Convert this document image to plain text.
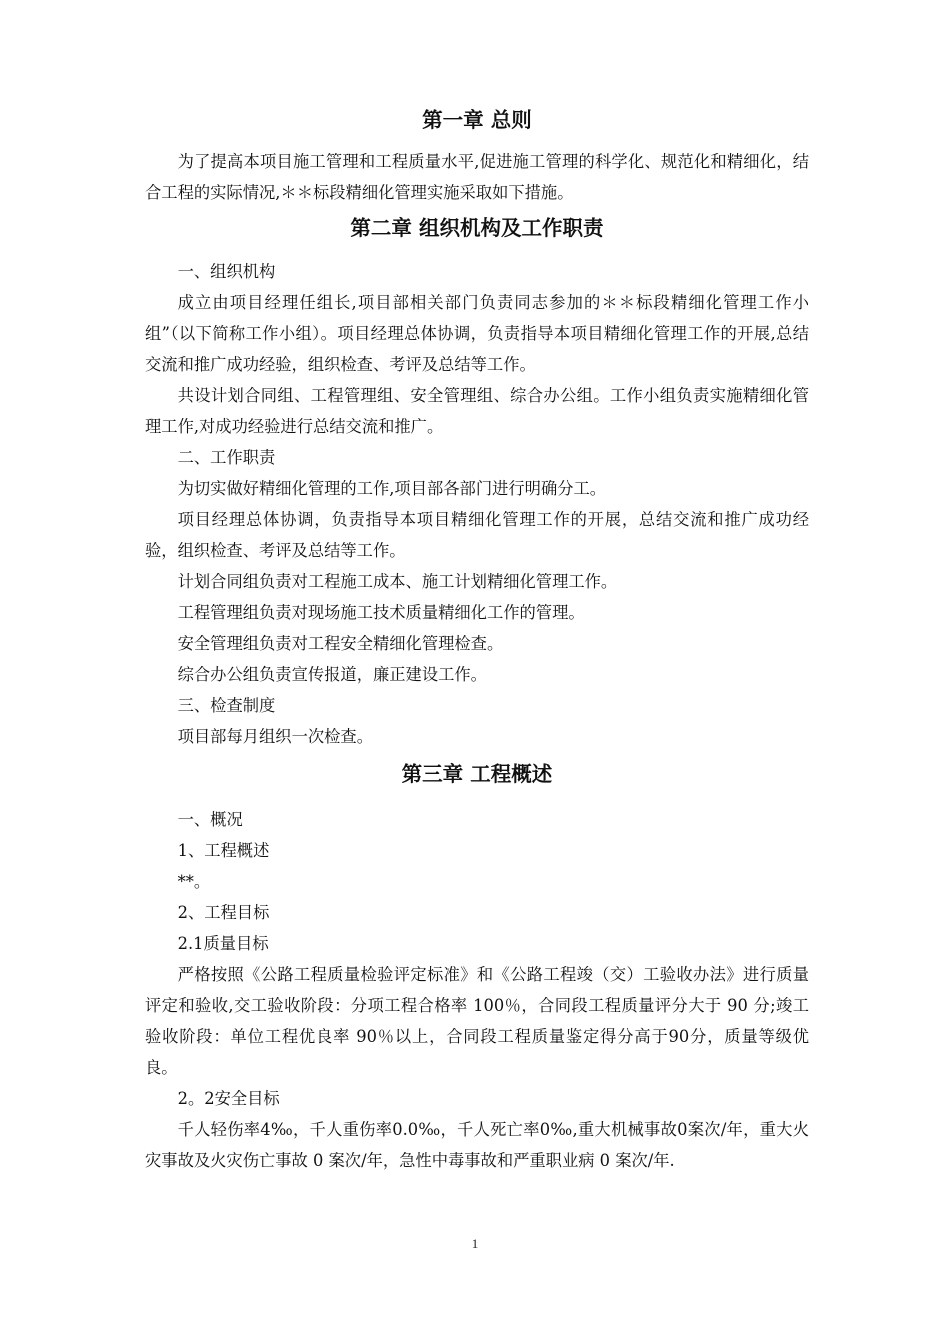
第一章 总则

为了提高本项目施工管理和工程质量水平,促进施工管理的科学化、规范化和精细化，结合工程的实际情况,＊＊标段精细化管理实施采取如下措施。

第二章 组织机构及工作职责

一、组织机构

成立由项目经理任组长,项目部相关部门负责同志参加的＊＊标段精细化管理工作小组”（以下简称工作小组）。项目经理总体协调，负责指导本项目精细化管理工作的开展,总结交流和推广成功经验，组织检查、考评及总结等工作。

共设计划合同组、工程管理组、安全管理组、综合办公组。工作小组负责实施精细化管理工作,对成功经验进行总结交流和推广。

二、工作职责

为切实做好精细化管理的工作,项目部各部门进行明确分工。

项目经理总体协调，负责指导本项目精细化管理工作的开展，总结交流和推广成功经验，组织检查、考评及总结等工作。

计划合同组负责对工程施工成本、施工计划精细化管理工作。

工程管理组负责对现场施工技术质量精细化工作的管理。

安全管理组负责对工程安全精细化管理检查。

综合办公组负责宣传报道，廉正建设工作。

三、检查制度

项目部每月组织一次检查。

第三章 工程概述

一、概况

1、工程概述

**。

2、工程目标

2.1质量目标

严格按照《公路工程质量检验评定标准》和《公路工程竣（交）工验收办法》进行质量评定和验收,交工验收阶段：分项工程合格率 100％，合同段工程质量评分大于 90 分;竣工验收阶段：单位工程优良率 90％以上，合同段工程质量鉴定得分高于90分，质量等级优良。

2。2安全目标

千人轻伤率4‰，千人重伤率0.0‰，千人死亡率0‰,重大机械事故0案次/年，重大火灾事故及火灾伤亡事故 0 案次/年，急性中毒事故和严重职业病 0 案次/年.

1
